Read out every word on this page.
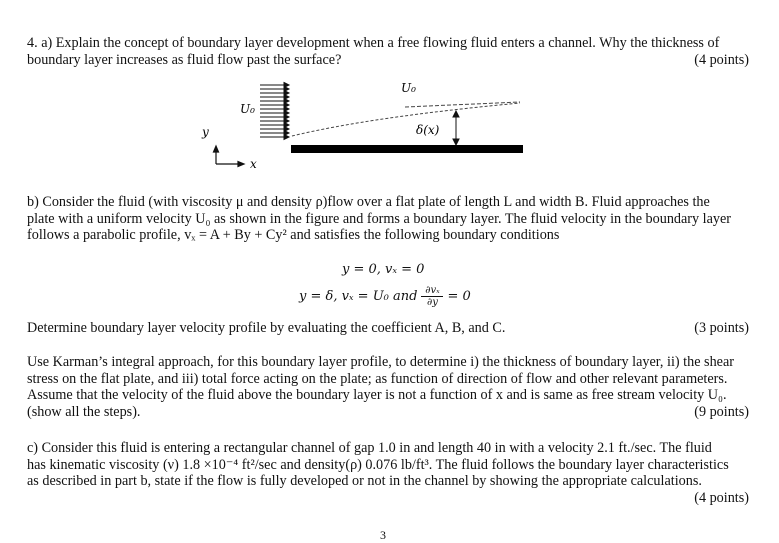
4. a) Explain the concept of boundary layer development when a free flowing fluid enters a channel. Why the thickness of
boundary layer increases as fluid flow past the surface?	(4 points)
U₀
U₀
δ(x)
y
x
b) Consider the fluid (with viscosity μ and density ρ)flow over a flat plate of length L and width B. Fluid approaches the
plate with a uniform velocity U₀ as shown in the figure and forms a boundary layer. The fluid velocity in the boundary layer
follows a parabolic profile, vₓ = A + By + Cy² and satisfies the following boundary conditions
y = 0, vₓ = 0
y = δ, vₓ = U₀ and $\frac{\text{∂vₓ}}{\partial y} = 0$
Determine boundary layer velocity profile by evaluating the coefficient A, B, and C.	(3 points)
Use Karman’s integral approach, for this boundary layer profile, to determine i) the thickness of boundary layer, ii) the shear
stress on the flat plate, and iii) total force acting on the plate; as function of direction of flow and other relevant parameters.
Assume that the velocity of the fluid above the boundary layer is not a function of x and is same as free stream velocity U₀.
(show all the steps).	(9 points)
c) Consider this fluid is entering a rectangular channel of gap 1.0 in and length 40 in with a velocity 2.1 ft./sec. The fluid
has kinematic viscosity (ν) 1.8 ×10⁻⁴ ft²/sec and density(ρ) 0.076 lb/ft³. The fluid follows the boundary layer characteristics
as described in part b, state if the flow is fully developed or not in the channel by showing the appropriate calculations.
(4 points)
3
